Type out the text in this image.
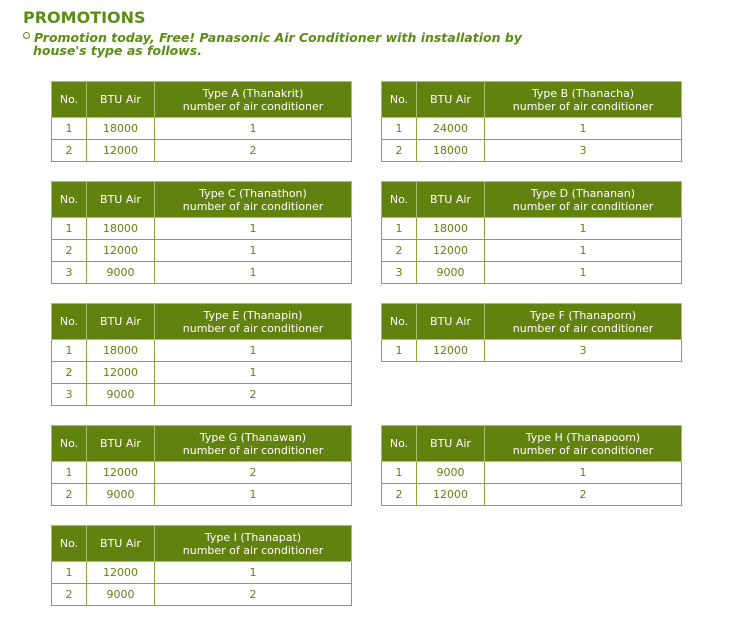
PROMOTIONS
Promotion today, Free! Panasonic Air Conditioner with installation by
house's type as follows.
No.	BTU Air	Type A (Thanakrit)
number of air conditioner
1	18000	1
2	12000	2
No.	BTU Air	Type B (Thanacha)
number of air conditioner
1	24000	1
2	18000	3
No.	BTU Air	Type C (Thanathon)
number of air conditioner
1	18000	1
2	12000	1
3	9000	1
No.	BTU Air	Type D (Thananan)
number of air conditioner
1	18000	1
2	12000	1
3	9000	1
No.	BTU Air	Type E (Thanapin)
number of air conditioner
1	18000	1
2	12000	1
3	9000	2
No.	BTU Air	Type F (Thanaporn)
number of air conditioner
1	12000	3
No.	BTU Air	Type G (Thanawan)
number of air conditioner
1	12000	2
2	9000	1
No.	BTU Air	Type H (Thanapoom)
number of air conditioner
1	9000	1
2	12000	2
No.	BTU Air	Type I (Thanapat)
number of air conditioner
1	12000	1
2	9000	2
